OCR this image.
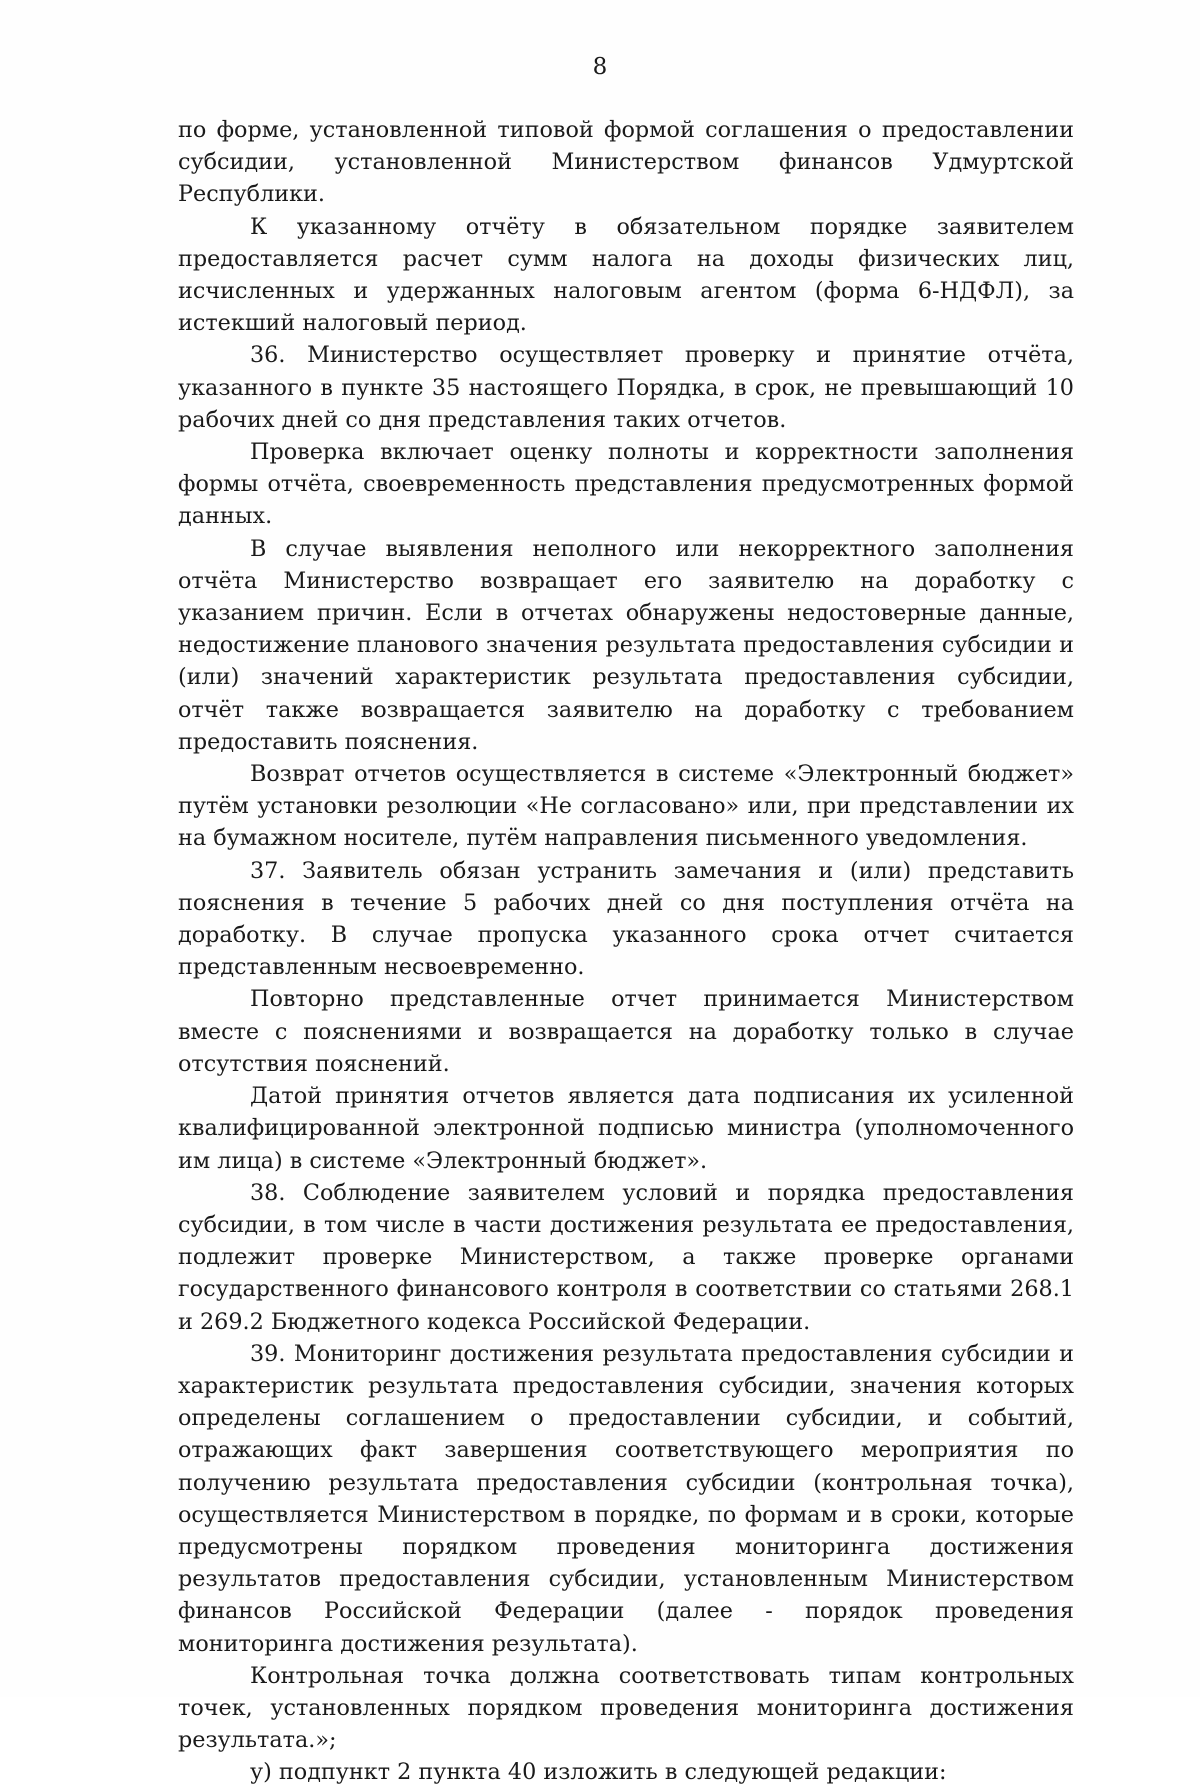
8

по форме, установленной типовой формой соглашения о предоставлении субсидии, установленной Министерством финансов Удмуртской Республики.

К указанному отчёту в обязательном порядке заявителем предоставляется расчет сумм налога на доходы физических лиц, исчисленных и удержанных налоговым агентом (форма 6-НДФЛ), за истекший налоговый период.

36. Министерство осуществляет проверку и принятие отчёта, указанного в пункте 35 настоящего Порядка, в срок, не превышающий 10 рабочих дней со дня представления таких отчетов.

Проверка включает оценку полноты и корректности заполнения формы отчёта, своевременность представления предусмотренных формой данных.

В случае выявления неполного или некорректного заполнения отчёта Министерство возвращает его заявителю на доработку с указанием причин. Если в отчетах обнаружены недостоверные данные, недостижение планового значения результата предоставления субсидии и (или) значений характеристик результата предоставления субсидии, отчёт также возвращается заявителю на доработку с требованием предоставить пояснения.

Возврат отчетов осуществляется в системе «Электронный бюджет» путём установки резолюции «Не согласовано» или, при представлении их на бумажном носителе, путём направления письменного уведомления.

37. Заявитель обязан устранить замечания и (или) представить пояснения в течение 5 рабочих дней со дня поступления отчёта на доработку. В случае пропуска указанного срока отчет считается представленным несвоевременно.

Повторно представленные отчет принимается Министерством вместе с пояснениями и возвращается на доработку только в случае отсутствия пояснений.

Датой принятия отчетов является дата подписания их усиленной квалифицированной электронной подписью министра (уполномоченного им лица) в системе «Электронный бюджет».

38. Соблюдение заявителем условий и порядка предоставления субсидии, в том числе в части достижения результата ее предоставления, подлежит проверке Министерством, а также проверке органами государственного финансового контроля в соответствии со статьями 268.1 и 269.2 Бюджетного кодекса Российской Федерации.

39. Мониторинг достижения результата предоставления субсидии и характеристик результата предоставления субсидии, значения которых определены соглашением о предоставлении субсидии, и событий, отражающих факт завершения соответствующего мероприятия по получению результата предоставления субсидии (контрольная точка), осуществляется Министерством в порядке, по формам и в сроки, которые предусмотрены порядком проведения мониторинга достижения результатов предоставления субсидии, установленным Министерством финансов Российской Федерации (далее - порядок проведения мониторинга достижения результата).

Контрольная точка должна соответствовать типам контрольных точек, установленных порядком проведения мониторинга достижения результата.»;

у) подпункт 2 пункта 40 изложить в следующей редакции:
